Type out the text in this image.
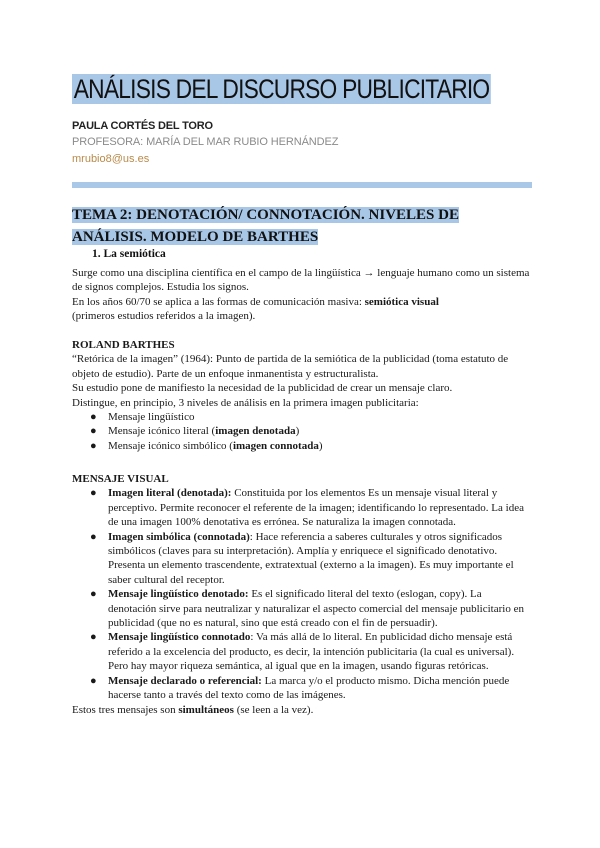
ANÁLISIS DEL DISCURSO PUBLICITARIO
PAULA CORTÉS DEL TORO
PROFESORA: MARÍA DEL MAR RUBIO HERNÁNDEZ
mrubio8@us.es
TEMA 2: DENOTACIÓN/ CONNOTACIÓN. NIVELES DE
ANÁLISIS. MODELO DE BARTHES
1. La semiótica

Surge como una disciplina científica en el campo de la lingüística → lenguaje humano como un sistema de signos complejos. Estudia los signos.

En los años 60/70 se aplica a las formas de comunicación masiva: semiótica visual
(primeros estudios referidos a la imagen).

ROLAND BARTHES

“Retórica de la imagen” (1964): Punto de partida de la semiótica de la publicidad (toma estatuto de objeto de estudio). Parte de un enfoque inmanentista y estructuralista.

Su estudio pone de manifiesto la necesidad de la publicidad de crear un mensaje claro.

Distingue, en principio, 3 niveles de análisis en la primera imagen publicitaria:

● Mensaje lingüístico
● Mensaje icónico literal (imagen denotada)
● Mensaje icónico simbólico (imagen connotada)

MENSAJE VISUAL

● Imagen literal (denotada): Constituida por los elementos Es un mensaje visual literal y perceptivo. Permite reconocer el referente de la imagen; identificando lo representado. La idea de una imagen 100% denotativa es errónea. Se naturaliza la imagen connotada.
● Imagen simbólica (connotada): Hace referencia a saberes culturales y otros significados simbólicos (claves para su interpretación). Amplía y enriquece el significado denotativo. Presenta un elemento trascendente, extratextual (externo a la imagen). Es muy importante el saber cultural del receptor.
● Mensaje lingüístico denotado: Es el significado literal del texto (eslogan, copy). La denotación sirve para neutralizar y naturalizar el aspecto comercial del mensaje publicitario en publicidad (que no es natural, sino que está creado con el fin de persuadir).
● Mensaje lingüístico connotado: Va más allá de lo literal. En publicidad dicho mensaje está referido a la excelencia del producto, es decir, la intención publicitaria (la cual es universal). Pero hay mayor riqueza semántica, al igual que en la imagen, usando figuras retóricas.
● Mensaje declarado o referencial: La marca y/o el producto mismo. Dicha mención puede hacerse tanto a través del texto como de las imágenes.

Estos tres mensajes son simultáneos (se leen a la vez).
